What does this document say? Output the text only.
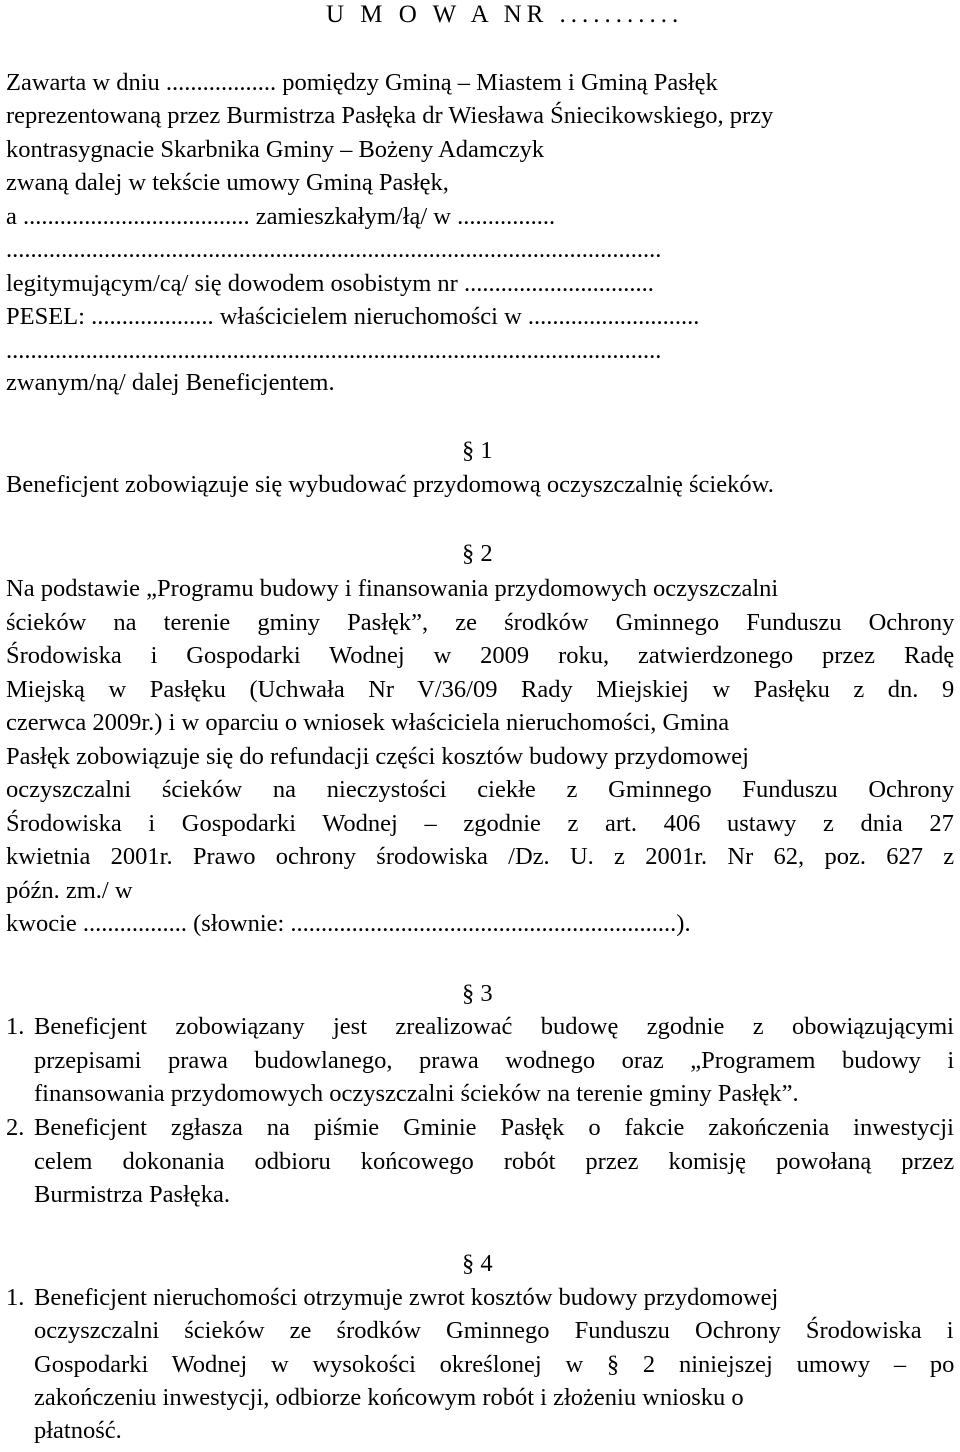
U M O W A NR ...........
Zawarta w dniu .................. pomiędzy Gminą – Miastem i Gminą Pasłęk
reprezentowaną przez Burmistrza Pasłęka dr Wiesława Śniecikowskiego, przy
kontrasygnacie Skarbnika Gminy – Bożeny Adamczyk
zwaną dalej w tekście umowy Gminą Pasłęk,
a ..................................... zamieszkałym/łą/ w ................
...........................................................................................................
legitymującym/cą/ się dowodem osobistym nr ...............................
PESEL: .................... właścicielem nieruchomości w ............................
...........................................................................................................
zwanym/ną/ dalej Beneficjentem.
§ 1
Beneficjent zobowiązuje się wybudować przydomową oczyszczalnię ścieków.
§ 2
Na podstawie „Programu budowy i finansowania przydomowych oczyszczalni
ścieków na terenie gminy Pasłęk”, ze środków Gminnego Funduszu Ochrony
Środowiska i Gospodarki Wodnej w 2009 roku, zatwierdzonego przez Radę
Miejską w Pasłęku (Uchwała Nr V/36/09 Rady Miejskiej w Pasłęku z dn. 9
czerwca 2009r.) i w oparciu o wniosek właściciela nieruchomości, Gmina
Pasłęk zobowiązuje się do refundacji części kosztów budowy przydomowej
oczyszczalni ścieków na nieczystości ciekłe z Gminnego Funduszu Ochrony
Środowiska i Gospodarki Wodnej – zgodnie z art. 406 ustawy z dnia 27
kwietnia 2001r. Prawo ochrony środowiska /Dz. U. z 2001r. Nr 62, poz. 627 z
późn. zm./ w
kwocie ................. (słownie: ...............................................................).
§ 3
1. Beneficjent zobowiązany jest zrealizować budowę zgodnie z obowiązującymi
przepisami prawa budowlanego, prawa wodnego oraz „Programem budowy i
finansowania przydomowych oczyszczalni ścieków na terenie gminy Pasłęk”.
2. Beneficjent zgłasza na piśmie Gminie Pasłęk o fakcie zakończenia inwestycji
celem dokonania odbioru końcowego robót przez komisję powołaną przez
Burmistrza Pasłęka.
§ 4
1. Beneficjent nieruchomości otrzymuje zwrot kosztów budowy przydomowej
oczyszczalni ścieków ze środków Gminnego Funduszu Ochrony Środowiska i
Gospodarki Wodnej w wysokości określonej w § 2 niniejszej umowy – po
zakończeniu inwestycji, odbiorze końcowym robót i złożeniu wniosku o
płatność.
